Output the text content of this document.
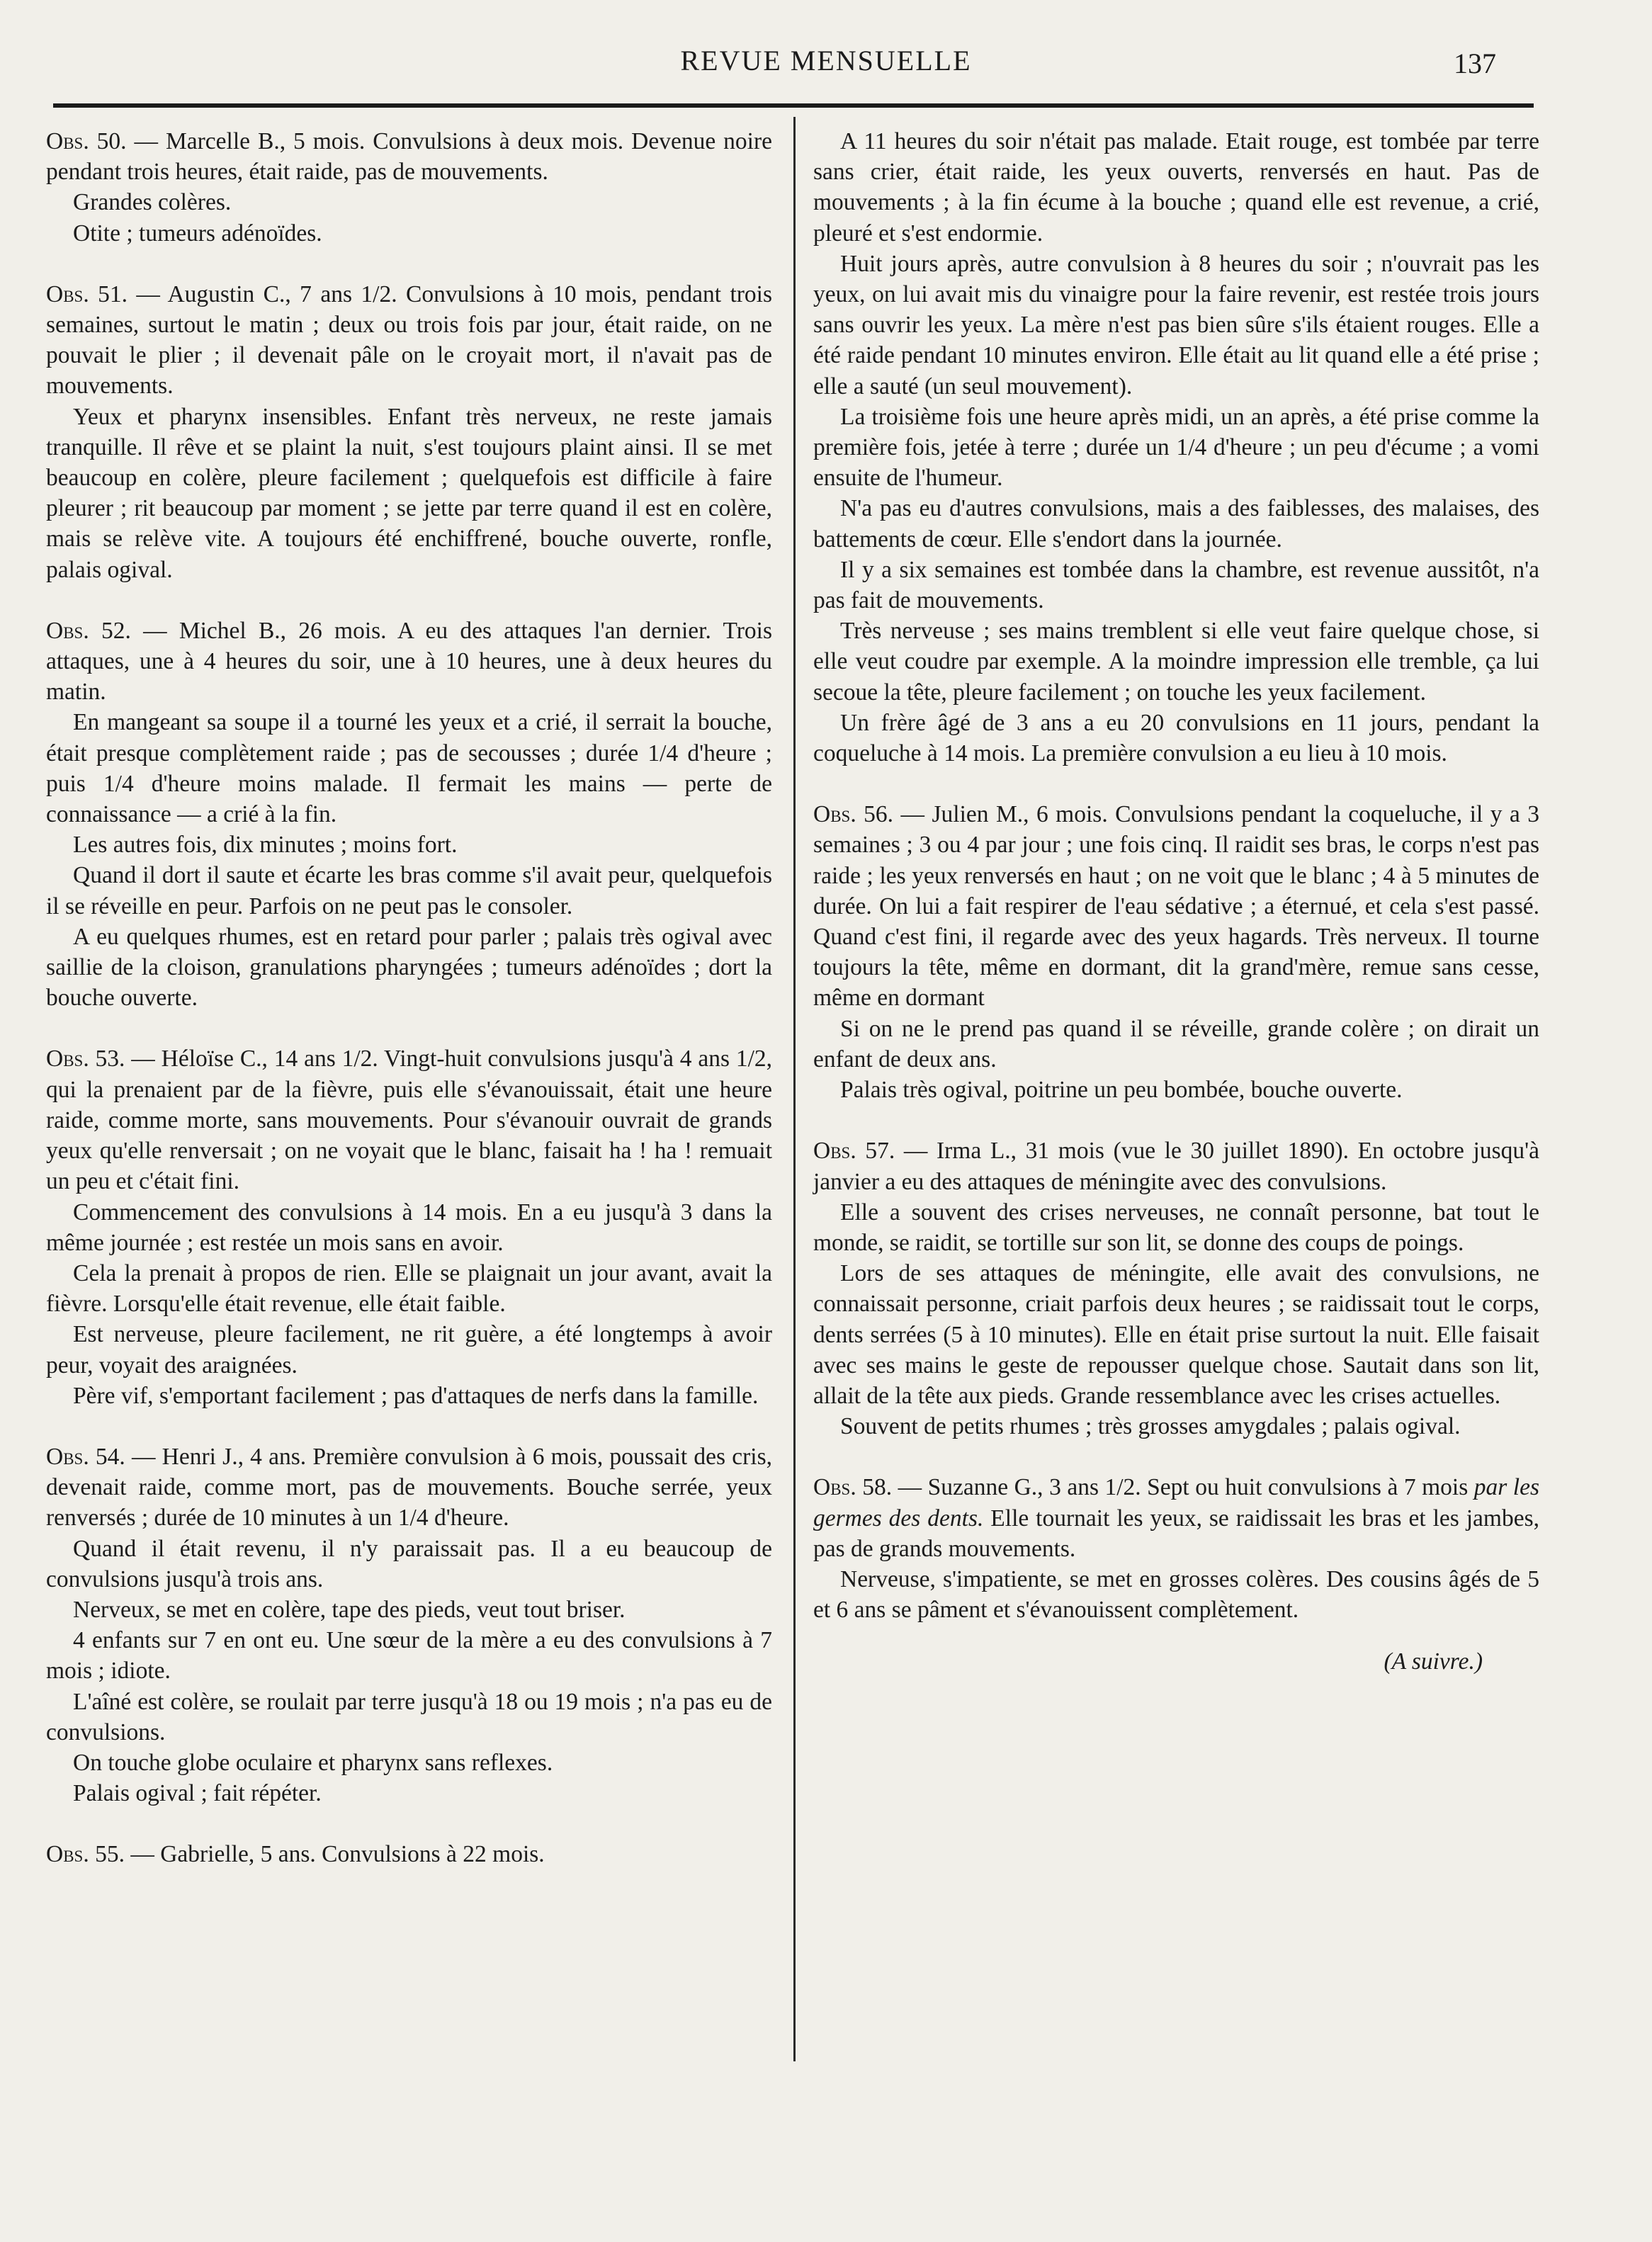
REVUE MENSUELLE	137
Obs. 50. — Marcelle B., 5 mois. Convulsions à deux mois. Devenue noire pendant trois heures, était raide, pas de mouvements.
Grandes colères.
Otite ; tumeurs adénoïdes.
Obs. 51. — Augustin C., 7 ans 1/2. Convulsions à 10 mois, pendant trois semaines, surtout le matin ; deux ou trois fois par jour, était raide, on ne pouvait le plier ; il devenait pâle on le croyait mort, il n'avait pas de mouvements.
Yeux et pharynx insensibles. Enfant très nerveux, ne reste jamais tranquille. Il rêve et se plaint la nuit, s'est toujours plaint ainsi. Il se met beaucoup en colère, pleure facilement ; quelquefois est difficile à faire pleurer ; rit beaucoup par moment ; se jette par terre quand il est en colère, mais se relève vite. A toujours été enchiffrené, bouche ouverte, ronfle, palais ogival.
Obs. 52. — Michel B., 26 mois. A eu des attaques l'an dernier. Trois attaques, une à 4 heures du soir, une à 10 heures, une à deux heures du matin.
En mangeant sa soupe il a tourné les yeux et a crié, il serrait la bouche, était presque complètement raide ; pas de secousses ; durée 1/4 d'heure ; puis 1/4 d'heure moins malade. Il fermait les mains — perte de connaissance — a crié à la fin.
Les autres fois, dix minutes ; moins fort.
Quand il dort il saute et écarte les bras comme s'il avait peur, quelquefois il se réveille en peur. Parfois on ne peut pas le consoler.
A eu quelques rhumes, est en retard pour parler ; palais très ogival avec saillie de la cloison, granulations pharyngées ; tumeurs adénoïdes ; dort la bouche ouverte.
Obs. 53. — Héloïse C., 14 ans 1/2. Vingt-huit convulsions jusqu'à 4 ans 1/2, qui la prenaient par de la fièvre, puis elle s'évanouissait, était une heure raide, comme morte, sans mouvements. Pour s'évanouir ouvrait de grands yeux qu'elle renversait ; on ne voyait que le blanc, faisait ha ! ha ! remuait un peu et c'était fini.
Commencement des convulsions à 14 mois. En a eu jusqu'à 3 dans la même journée ; est restée un mois sans en avoir.
Cela la prenait à propos de rien. Elle se plaignait un jour avant, avait la fièvre. Lorsqu'elle était revenue, elle était faible.
Est nerveuse, pleure facilement, ne rit guère, a été longtemps à avoir peur, voyait des araignées.
Père vif, s'emportant facilement ; pas d'attaques de nerfs dans la famille.
Obs. 54. — Henri J., 4 ans. Première convulsion à 6 mois, poussait des cris, devenait raide, comme mort, pas de mouvements. Bouche serrée, yeux renversés ; durée de 10 minutes à un 1/4 d'heure.
Quand il était revenu, il n'y paraissait pas. Il a eu beaucoup de convulsions jusqu'à trois ans.
Nerveux, se met en colère, tape des pieds, veut tout briser.
4 enfants sur 7 en ont eu. Une sœur de la mère a eu des convulsions à 7 mois ; idiote.
L'aîné est colère, se roulait par terre jusqu'à 18 ou 19 mois ; n'a pas eu de convulsions.
On touche globe oculaire et pharynx sans reflexes.
Palais ogival ; fait répéter.
Obs. 55. — Gabrielle, 5 ans. Convulsions à 22 mois.
A 11 heures du soir n'était pas malade. Etait rouge, est tombée par terre sans crier, était raide, les yeux ouverts, renversés en haut. Pas de mouvements ; à la fin écume à la bouche ; quand elle est revenue, a crié, pleuré et s'est endormie.
Huit jours après, autre convulsion à 8 heures du soir ; n'ouvrait pas les yeux, on lui avait mis du vinaigre pour la faire revenir, est restée trois jours sans ouvrir les yeux. La mère n'est pas bien sûre s'ils étaient rouges. Elle a été raide pendant 10 minutes environ. Elle était au lit quand elle a été prise ; elle a sauté (un seul mouvement).
La troisième fois une heure après midi, un an après, a été prise comme la première fois, jetée à terre ; durée un 1/4 d'heure ; un peu d'écume ; a vomi ensuite de l'humeur.
N'a pas eu d'autres convulsions, mais a des faiblesses, des malaises, des battements de cœur. Elle s'endort dans la journée.
Il y a six semaines est tombée dans la chambre, est revenue aussitôt, n'a pas fait de mouvements.
Très nerveuse ; ses mains tremblent si elle veut faire quelque chose, si elle veut coudre par exemple. A la moindre impression elle tremble, ça lui secoue la tête, pleure facilement ; on touche les yeux facilement.
Un frère âgé de 3 ans a eu 20 convulsions en 11 jours, pendant la coqueluche à 14 mois. La première convulsion a eu lieu à 10 mois.
Obs. 56. — Julien M., 6 mois. Convulsions pendant la coqueluche, il y a 3 semaines ; 3 ou 4 par jour ; une fois cinq. Il raidit ses bras, le corps n'est pas raide ; les yeux renversés en haut ; on ne voit que le blanc ; 4 à 5 minutes de durée. On lui a fait respirer de l'eau sédative ; a éternué, et cela s'est passé. Quand c'est fini, il regarde avec des yeux hagards. Très nerveux. Il tourne toujours la tête, même en dormant, dit la grand'mère, remue sans cesse, même en dormant
Si on ne le prend pas quand il se réveille, grande colère ; on dirait un enfant de deux ans.
Palais très ogival, poitrine un peu bombée, bouche ouverte.
Obs. 57. — Irma L., 31 mois (vue le 30 juillet 1890). En octobre jusqu'à janvier a eu des attaques de méningite avec des convulsions.
Elle a souvent des crises nerveuses, ne connaît personne, bat tout le monde, se raidit, se tortille sur son lit, se donne des coups de poings.
Lors de ses attaques de méningite, elle avait des convulsions, ne connaissait personne, criait parfois deux heures ; se raidissait tout le corps, dents serrées (5 à 10 minutes). Elle en était prise surtout la nuit. Elle faisait avec ses mains le geste de repousser quelque chose. Sautait dans son lit, allait de la tête aux pieds. Grande ressemblance avec les crises actuelles.
Souvent de petits rhumes ; très grosses amygdales ; palais ogival.
Obs. 58. — Suzanne G., 3 ans 1/2. Sept ou huit convulsions à 7 mois par les germes des dents. Elle tournait les yeux, se raidissait les bras et les jambes, pas de grands mouvements.
Nerveuse, s'impatiente, se met en grosses colères. Des cousins âgés de 5 et 6 ans se pâment et s'évanouissent complètement.
(A suivre.)
